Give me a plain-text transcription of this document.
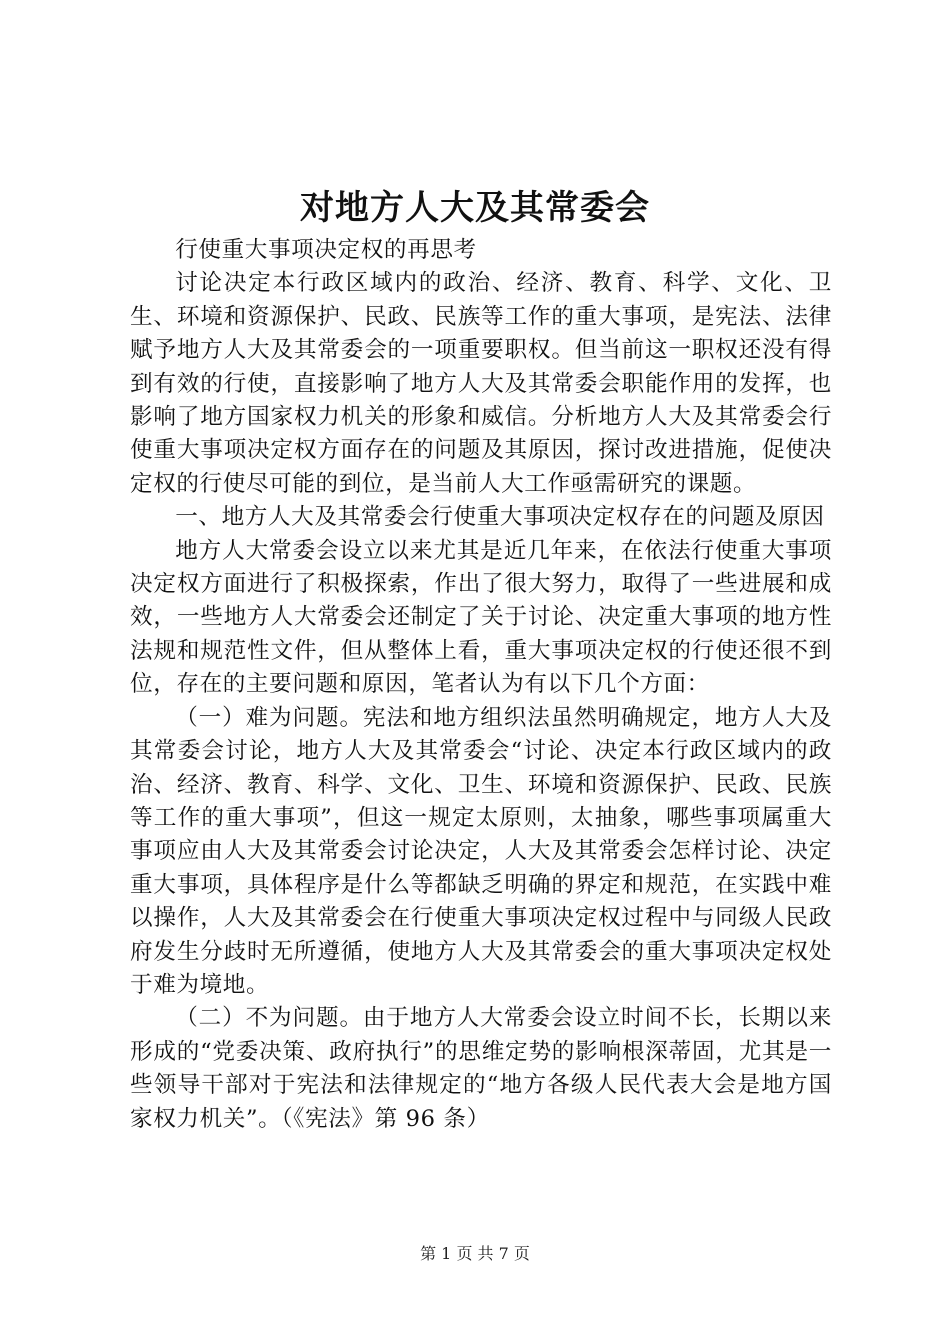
对地方人大及其常委会

行使重大事项决定权的再思考

讨论决定本行政区域内的政治、经济、教育、科学、文化、卫生、环境和资源保护、民政、民族等工作的重大事项，是宪法、法律赋予地方人大及其常委会的一项重要职权。但当前这一职权还没有得到有效的行使，直接影响了地方人大及其常委会职能作用的发挥，也影响了地方国家权力机关的形象和威信。分析地方人大及其常委会行使重大事项决定权方面存在的问题及其原因，探讨改进措施，促使决定权的行使尽可能的到位，是当前人大工作亟需研究的课题。

一、地方人大及其常委会行使重大事项决定权存在的问题及原因

地方人大常委会设立以来尤其是近几年来，在依法行使重大事项决定权方面进行了积极探索，作出了很大努力，取得了一些进展和成效，一些地方人大常委会还制定了关于讨论、决定重大事项的地方性法规和规范性文件，但从整体上看，重大事项决定权的行使还很不到位，存在的主要问题和原因，笔者认为有以下几个方面：

（一）难为问题。宪法和地方组织法虽然明确规定，地方人大及其常委会讨论，地方人大及其常委会“讨论、决定本行政区域内的政治、经济、教育、科学、文化、卫生、环境和资源保护、民政、民族等工作的重大事项”，但这一规定太原则，太抽象，哪些事项属重大事项应由人大及其常委会讨论决定，人大及其常委会怎样讨论、决定重大事项，具体程序是什么等都缺乏明确的界定和规范，在实践中难以操作，人大及其常委会在行使重大事项决定权过程中与同级人民政府发生分歧时无所遵循，使地方人大及其常委会的重大事项决定权处于难为境地。

（二）不为问题。由于地方人大常委会设立时间不长，长期以来形成的“党委决策、政府执行”的思维定势的影响根深蒂固，尤其是一些领导干部对于宪法和法律规定的“地方各级人民代表大会是地方国家权力机关”。（《宪法》第 96 条）

第 1 页 共 7 页
